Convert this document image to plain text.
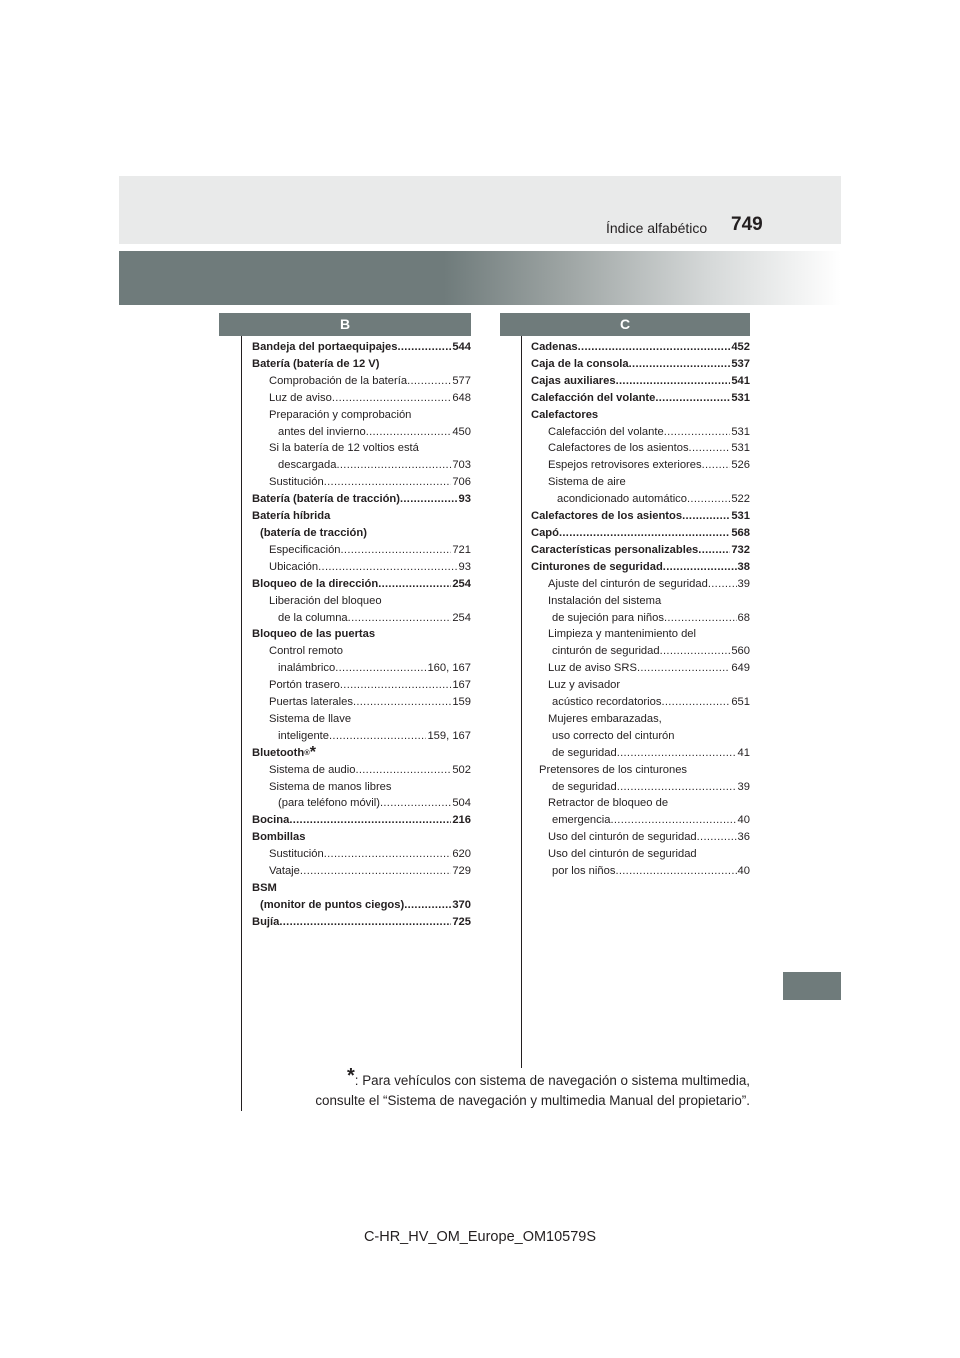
Índice alfabético 749
B	C
Bandeja del portaequipajes .....	544
Batería (batería de 12 V)
Comprobación de la batería .....	577
Luz de aviso .....	648
Preparación y comprobación
antes del invierno .....	450
Si la batería de 12 voltios está
descargada .....	703
Sustitución .....	706
Batería (batería de tracción) .....	93
Batería híbrida
(batería de tracción)
Especificación .....	721
Ubicación .....	93
Bloqueo de la dirección .....	254
Liberación del bloqueo
de la columna .....	254
Bloqueo de las puertas
Control remoto
inalámbrico .....	160, 167
Portón trasero .....	167
Puertas laterales .....	159
Sistema de llave
inteligente .....	159, 167
Bluetooth ® *
Sistema de audio .....	502
Sistema de manos libres
(para teléfono móvil) .....	504
Bocina .....	216
Bombillas
Sustitución .....	620
Vataje .....	729
BSM
(monitor de puntos ciegos) .....	370
Bujía .....	725
Cadenas .....	452
Caja de la consola .....	537
Cajas auxiliares .....	541
Calefacción del volante .....	531
Calefactores
Calefacción del volante .....	531
Calefactores de los asientos .....	531
Espejos retrovisores exteriores .....	526
Sistema de aire
acondicionado automático .....	522
Calefactores de los asientos .....	531
Capó .....	568
Características personalizables .....	732
Cinturones de seguridad .....	38
Ajuste del cinturón de seguridad .....	39
Instalación del sistema
de sujeción para niños .....	68
Limpieza y mantenimiento del
cinturón de seguridad .....	560
Luz de aviso SRS .....	649
Luz y avisador
acústico recordatorios .....	651
Mujeres embarazadas,
uso correcto del cinturón
de seguridad .....	41
Pretensores de los cinturones
de seguridad .....	39
Retractor de bloqueo de
emergencia .....	40
Uso del cinturón de seguridad .....	36
Uso del cinturón de seguridad
por los niños .....	40
*: Para vehículos con sistema de navegación o sistema multimedia,
consulte el “Sistema de navegación y multimedia Manual del propietario”.
C-HR_HV_OM_Europe_OM10579S
